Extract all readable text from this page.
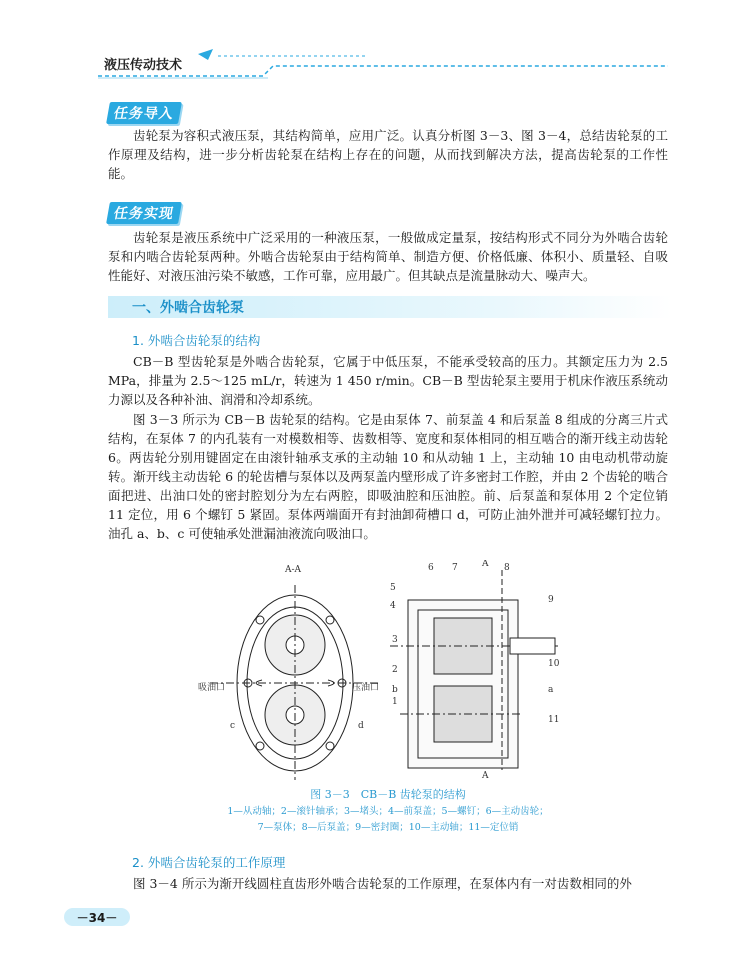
液压传动技术
任务导入
齿轮泵为容积式液压泵，其结构简单，应用广泛。认真分析图 3－3、图 3－4，总结齿轮泵的工作原理及结构，进一步分析齿轮泵在结构上存在的问题，从而找到解决方法，提高齿轮泵的工作性能。
任务实现
齿轮泵是液压系统中广泛采用的一种液压泵，一般做成定量泵，按结构形式不同分为外啮合齿轮泵和内啮合齿轮泵两种。外啮合齿轮泵由于结构简单、制造方便、价格低廉、体积小、质量轻、自吸性能好、对液压油污染不敏感，工作可靠，应用最广。但其缺点是流量脉动大、噪声大。
一、外啮合齿轮泵
1. 外啮合齿轮泵的结构
CB－B 型齿轮泵是外啮合齿轮泵，它属于中低压泵，不能承受较高的压力。其额定压力为 2.5 MPa，排量为 2.5～125 mL/r，转速为 1 450 r/min。CB－B 型齿轮泵主要用于机床作液压系统动力源以及各种补油、润滑和冷却系统。
图 3－3 所示为 CB－B 齿轮泵的结构。它是由泵体 7、前泵盖 4 和后泵盖 8 组成的分离三片式结构，在泵体 7 的内孔装有一对模数相等、齿数相等、宽度和泵体相同的相互啮合的渐开线主动齿轮 6。两齿轮分别用键固定在由滚针轴承支承的主动轴 10 和从动轴 1 上，主动轴 10 由电动机带动旋转。渐开线主动齿轮 6 的轮齿槽与泵体以及两泵盖内壁形成了许多密封工作腔，并由 2 个齿轮的啮合面把进、出油口处的密封腔划分为左右两腔，即吸油腔和压油腔。前、后泵盖和泵体用 2 个定位销 11 定位，用 6 个螺钉 5 紧固。泵体两端面开有封油卸荷槽口 d，可防止油外泄并可减轻螺钉拉力。油孔 a、b、c 可使轴承处泄漏油液流向吸油口。
A-A
吸油口	压油口
c	d
6 7	A 8
5
4
9
3
10
2
b	a
1
11
A
图 3－3　CB－B 齿轮泵的结构
1—从动轴；2—滚针轴承；3—堵头；4—前泵盖；5—螺钉；6—主动齿轮；
7—泵体；8—后泵盖；9—密封圈；10—主动轴；11—定位销
2. 外啮合齿轮泵的工作原理
图 3－4 所示为渐开线圆柱直齿形外啮合齿轮泵的工作原理，在泵体内有一对齿数相同的外
－34－
